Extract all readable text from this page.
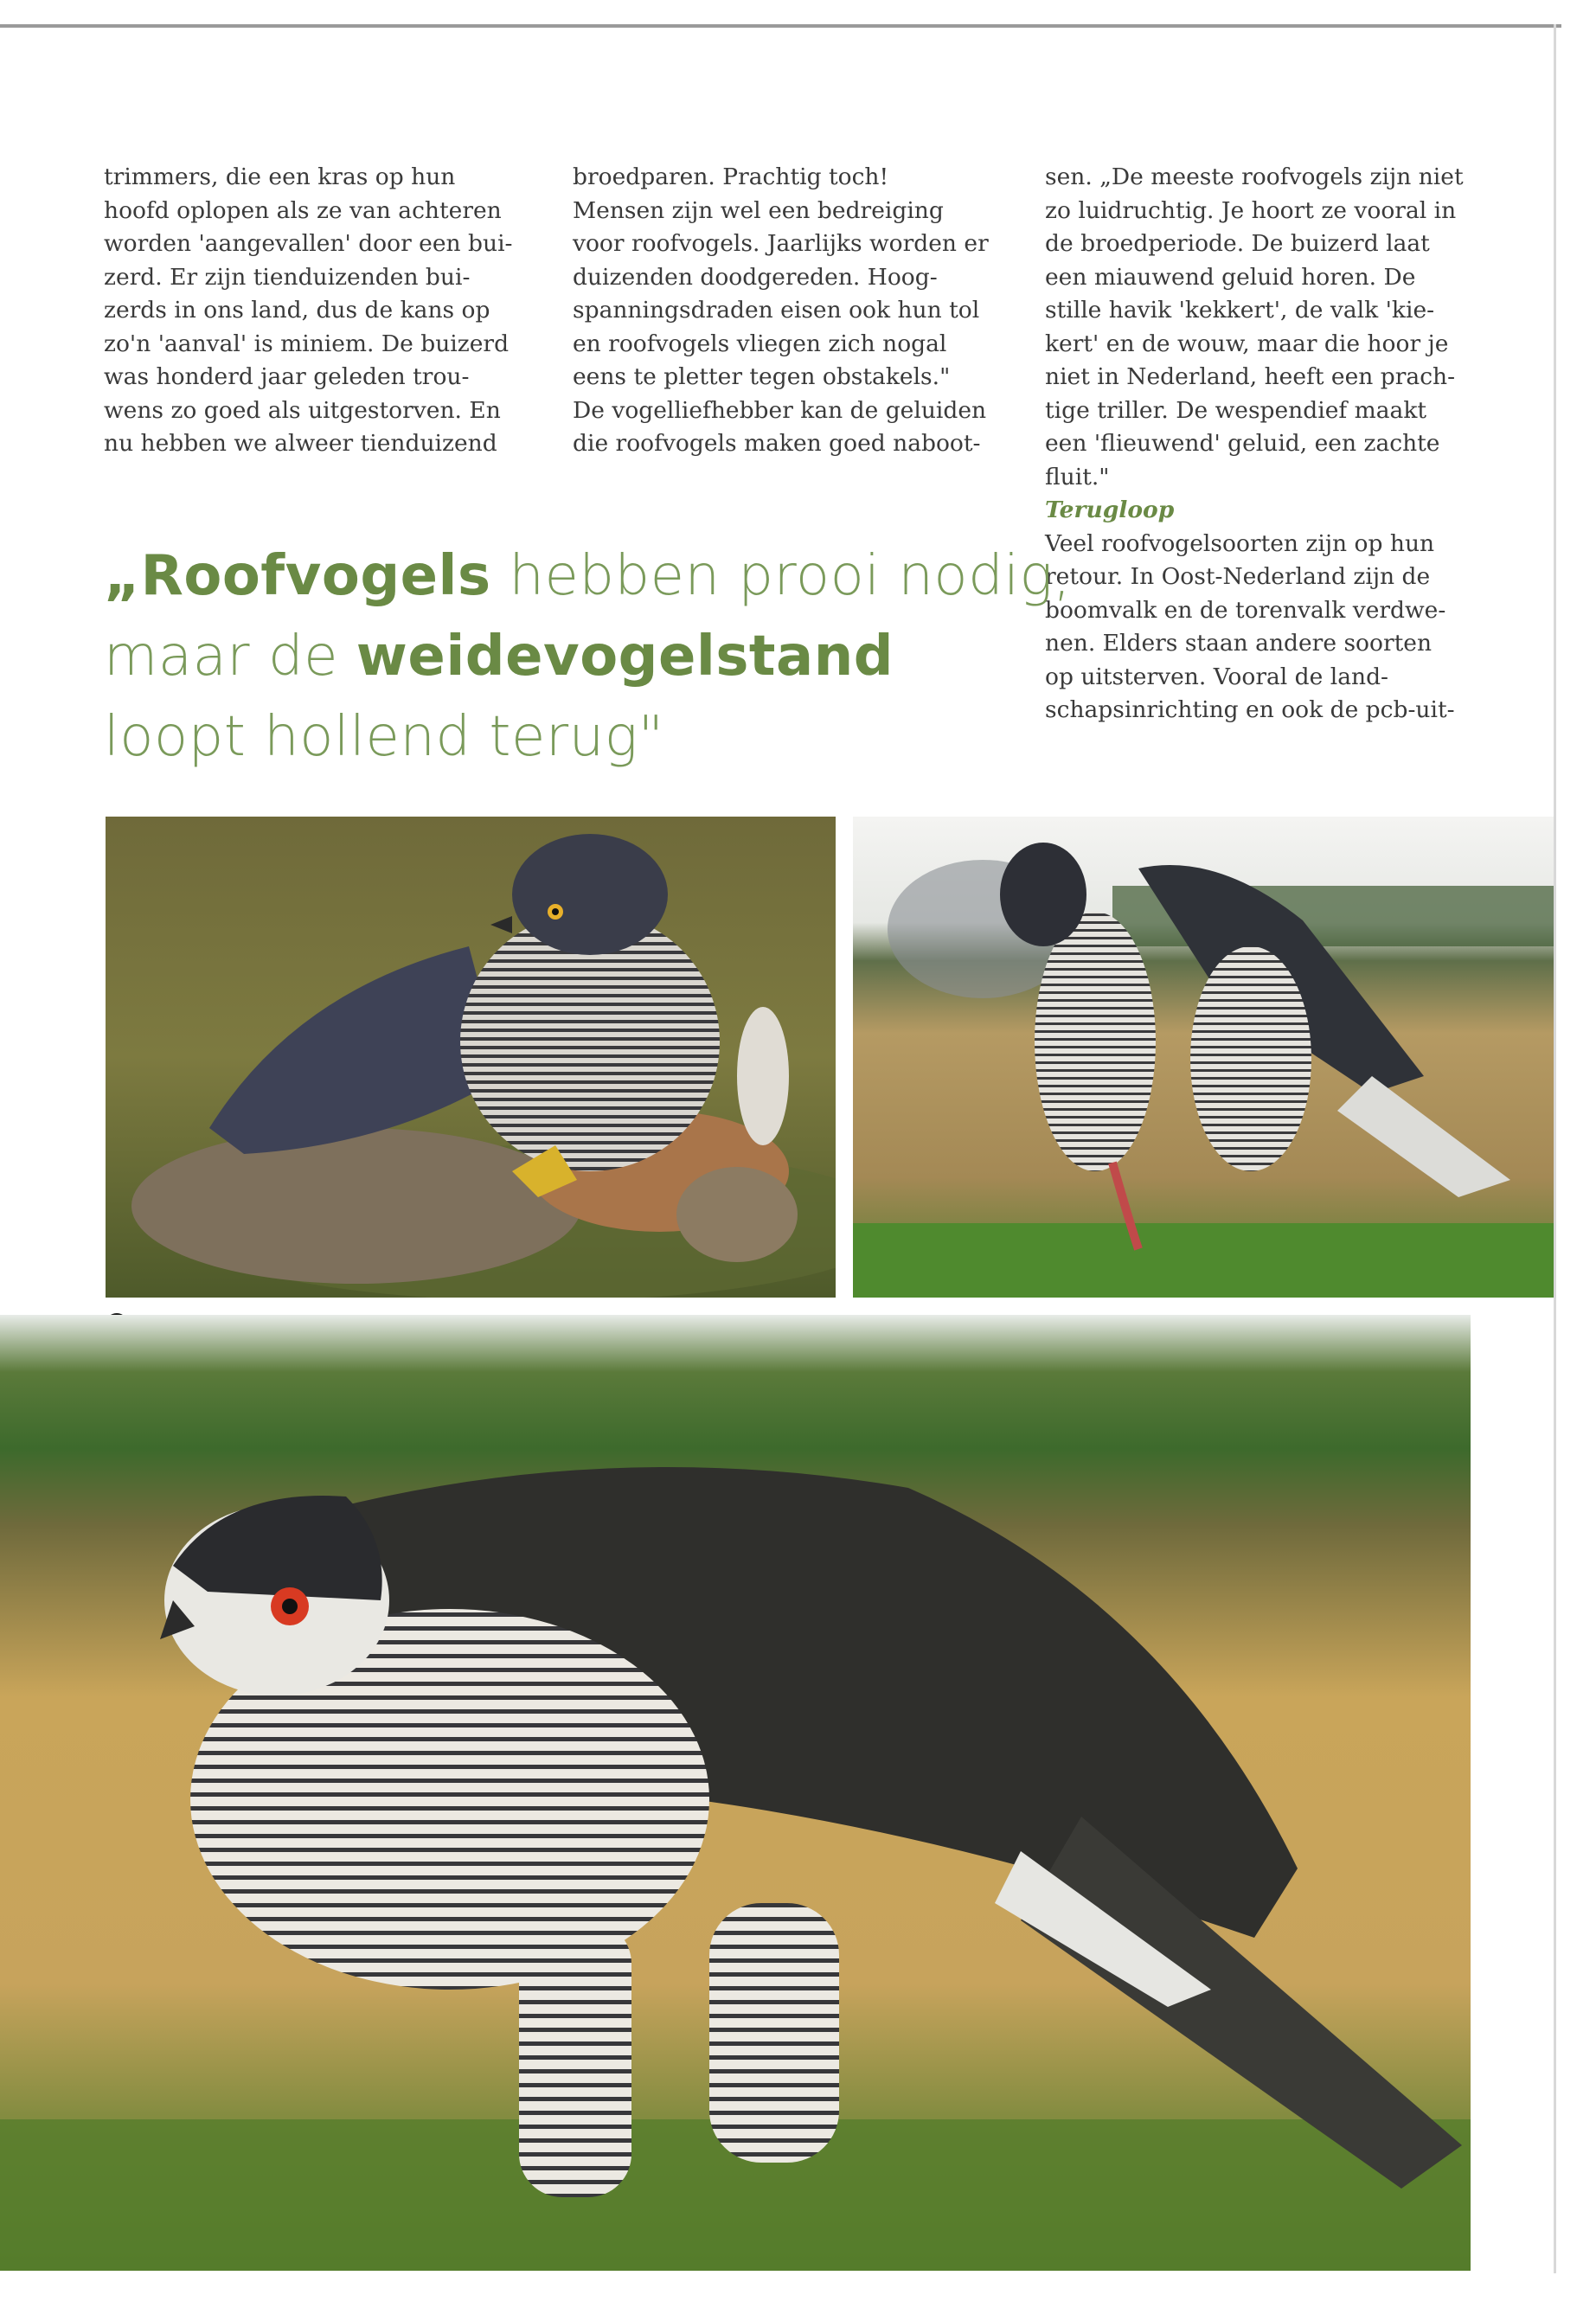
trimmers, die een kras op hun
hoofd oplopen als ze van achteren
worden 'aangevallen' door een bui-
zerd. Er zijn tienduizenden bui-
zerds in ons land, dus de kans op
zo'n 'aanval' is miniem. De buizerd
was honderd jaar geleden trou-
wens zo goed als uitgestorven. En
nu hebben we alweer tienduizend

broedparen. Prachtig toch!
Mensen zijn wel een bedreiging
voor roofvogels. Jaarlijks worden er
duizenden doodgereden. Hoog-
spanningsdraden eisen ook hun tol
en roofvogels vliegen zich nogal
eens te pletter tegen obstakels."
De vogelliefhebber kan de geluiden
die roofvogels maken goed naboot-

sen. „De meeste roofvogels zijn niet
zo luidruchtig. Je hoort ze vooral in
de broedperiode. De buizerd laat
een miauwend geluid horen. De
stille havik 'kekkert', de valk 'kie-
kert' en de wouw, maar die hoor je
niet in Nederland, heeft een prach-
tige triller. De wespendief maakt
een 'flieuwend' geluid, een zachte
fluit."

Terugloop

Veel roofvogelsoorten zijn op hun
retour. In Oost-Nederland zijn de
boomvalk en de torenvalk verdwe-
nen. Elders staan andere soorten
op uitsterven. Vooral de land-
schapsinrichting en ook de pcb-uit-

„Roofvogels hebben prooi nodig,
maar de weidevogelstand
loopt hollend terug"
